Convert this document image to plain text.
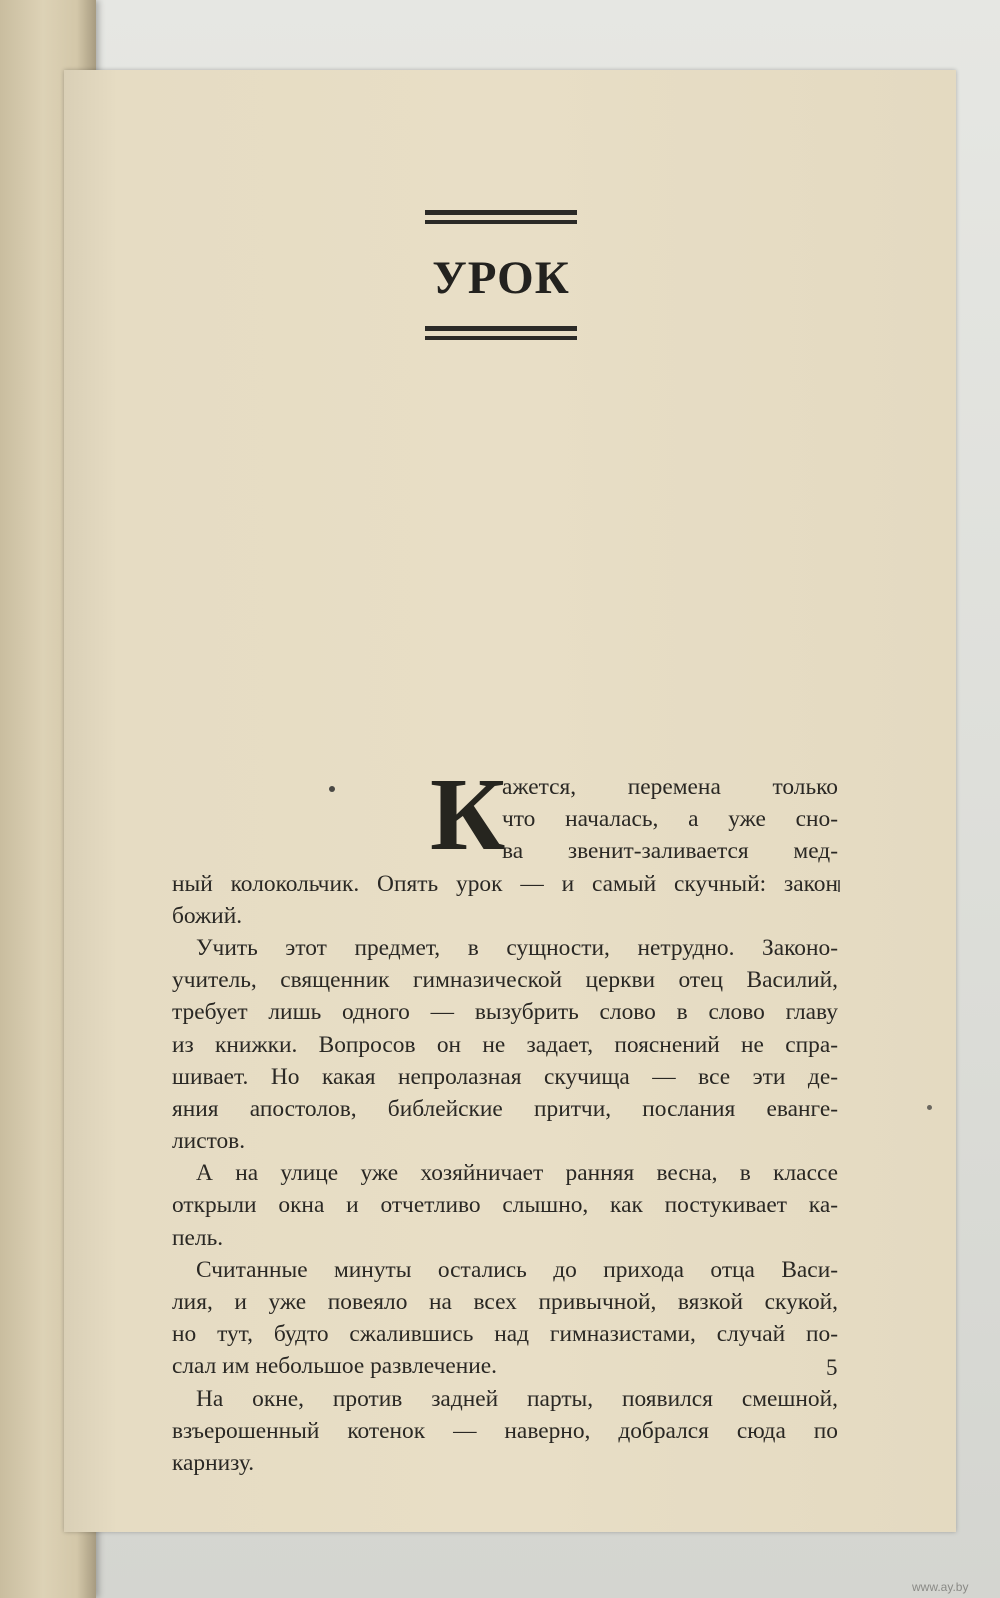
УРОК
К
ажется, перемена только
что началась, а уже сно-
ва звенит-заливается мед-
ный колокольчик. Опять урок — и самый скучный: закон
божий.
Учить этот предмет, в сущности, нетрудно. Законо-
учитель, священник гимназической церкви отец Василий,
требует лишь одного — вызубрить слово в слово главу
из книжки. Вопросов он не задает, пояснений не спра-
шивает. Но какая непролазная скучища — все эти де-
яния апостолов, библейские притчи, послания еванге-
листов.
А на улице уже хозяйничает ранняя весна, в классе
открыли окна и отчетливо слышно, как постукивает ка-
пель.
Считанные минуты остались до прихода отца Васи-
лия, и уже повеяло на всех привычной, вязкой скукой,
но тут, будто сжалившись над гимназистами, случай по-
слал им небольшое развлечение.
На окне, против задней парты, появился смешной,
взъерошенный котенок — наверно, добрался сюда по
карнизу.
5
www.ay.by
